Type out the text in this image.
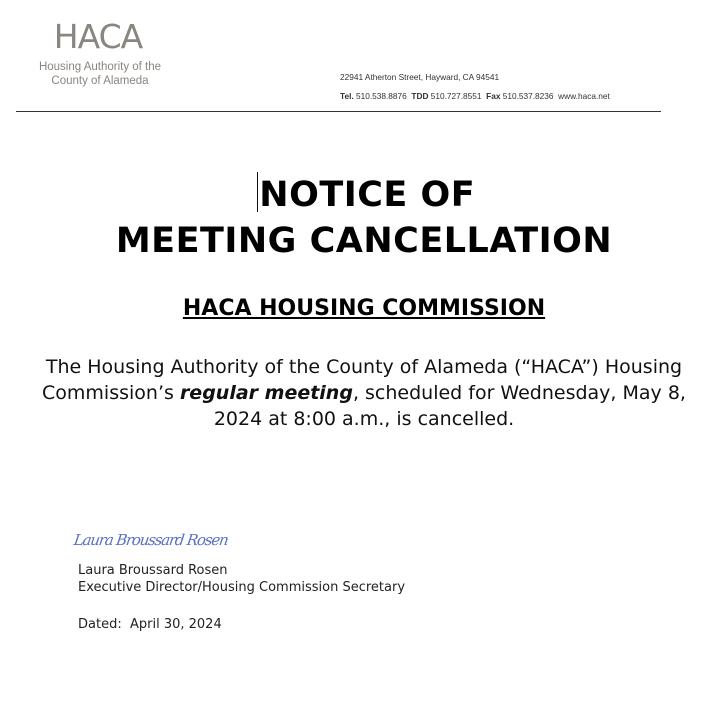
HACA
Housing Authority of the
County of Alameda	22941 Atherton Street, Hayward, CA 94541
Tel. 510.538.8876 TDD 510.727.8551 Fax 510.537.8236 www.haca.net
NOTICE OF
MEETING CANCELLATION
HACA HOUSING COMMISSION
The Housing Authority of the County of Alameda (“HACA”) Housing Commission’s regular meeting, scheduled for Wednesday, May 8, 2024 at 8:00 a.m., is cancelled.
Laura Broussard Rosen
Laura Broussard Rosen
Executive Director/Housing Commission Secretary
Dated: April 30, 2024
